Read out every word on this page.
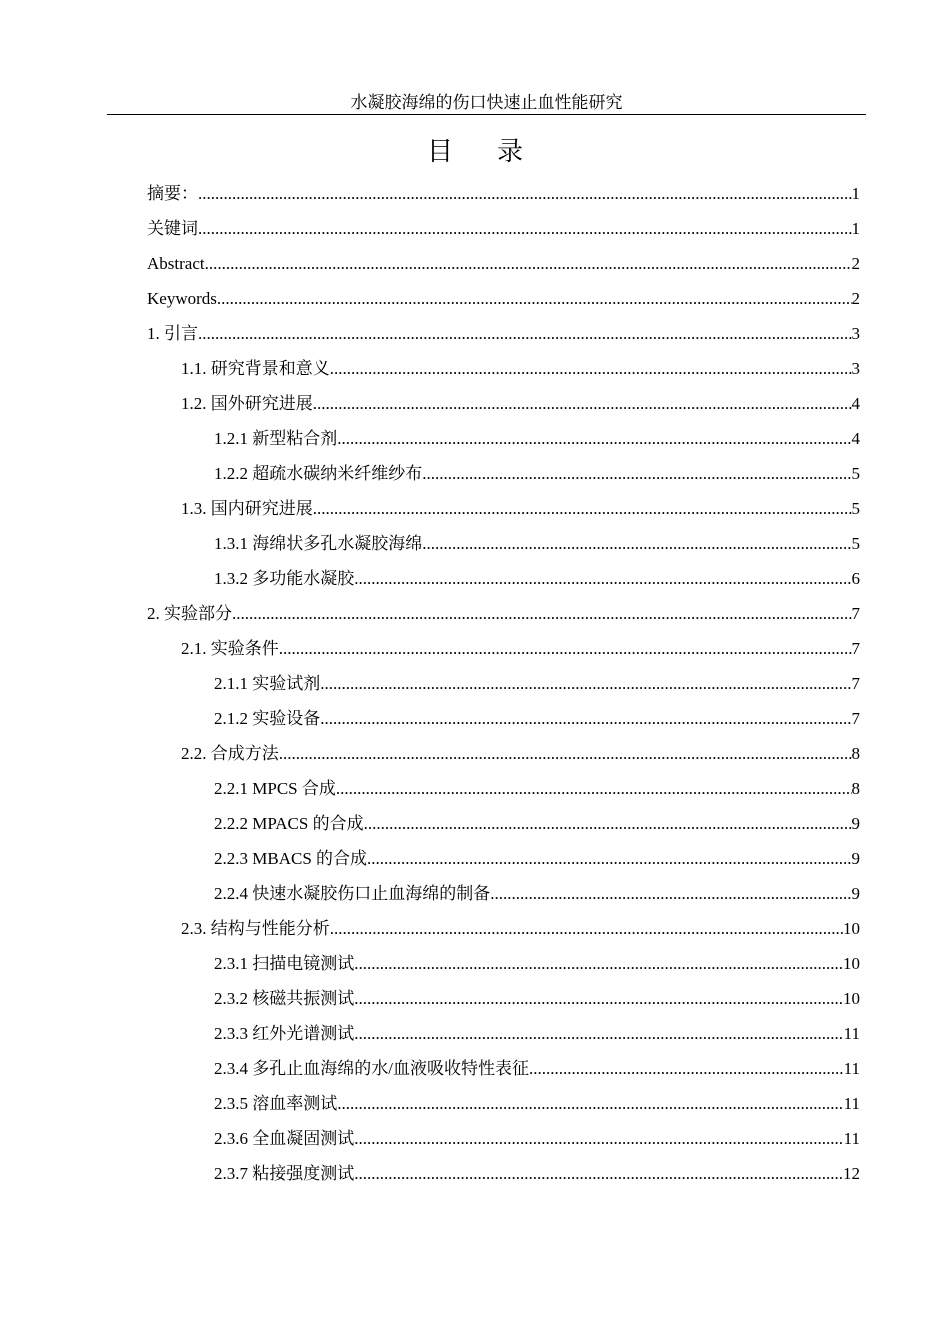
水凝胶海绵的伤口快速止血性能研究
目录
摘要： .....	1
关键词 .....	1
Abstract .....	2
Keywords .....	2
1. 引言 .....	3
1.1. 研究背景和意义 .....	3
1.2. 国外研究进展 .....	4
1.2.1 新型粘合剂 .....	4
1.2.2 超疏水碳纳米纤维纱布 .....	5
1.3. 国内研究进展 .....	5
1.3.1 海绵状多孔水凝胶海绵 .....	5
1.3.2 多功能水凝胶 .....	6
2. 实验部分 .....	7
2.1. 实验条件 .....	7
2.1.1 实验试剂 .....	7
2.1.2 实验设备 .....	7
2.2. 合成方法 .....	8
2.2.1 MPCS 合成 .....	8
2.2.2 MPACS 的合成 .....	9
2.2.3 MBACS 的合成 .....	9
2.2.4 快速水凝胶伤口止血海绵的制备 .....	9
2.3. 结构与性能分析 .....	10
2.3.1 扫描电镜测试 .....	10
2.3.2 核磁共振测试 .....	10
2.3.3 红外光谱测试 .....	11
2.3.4 多孔止血海绵的水/血液吸收特性表征 .....	11
2.3.5 溶血率测试 .....	11
2.3.6 全血凝固测试 .....	11
2.3.7 粘接强度测试 .....	12
